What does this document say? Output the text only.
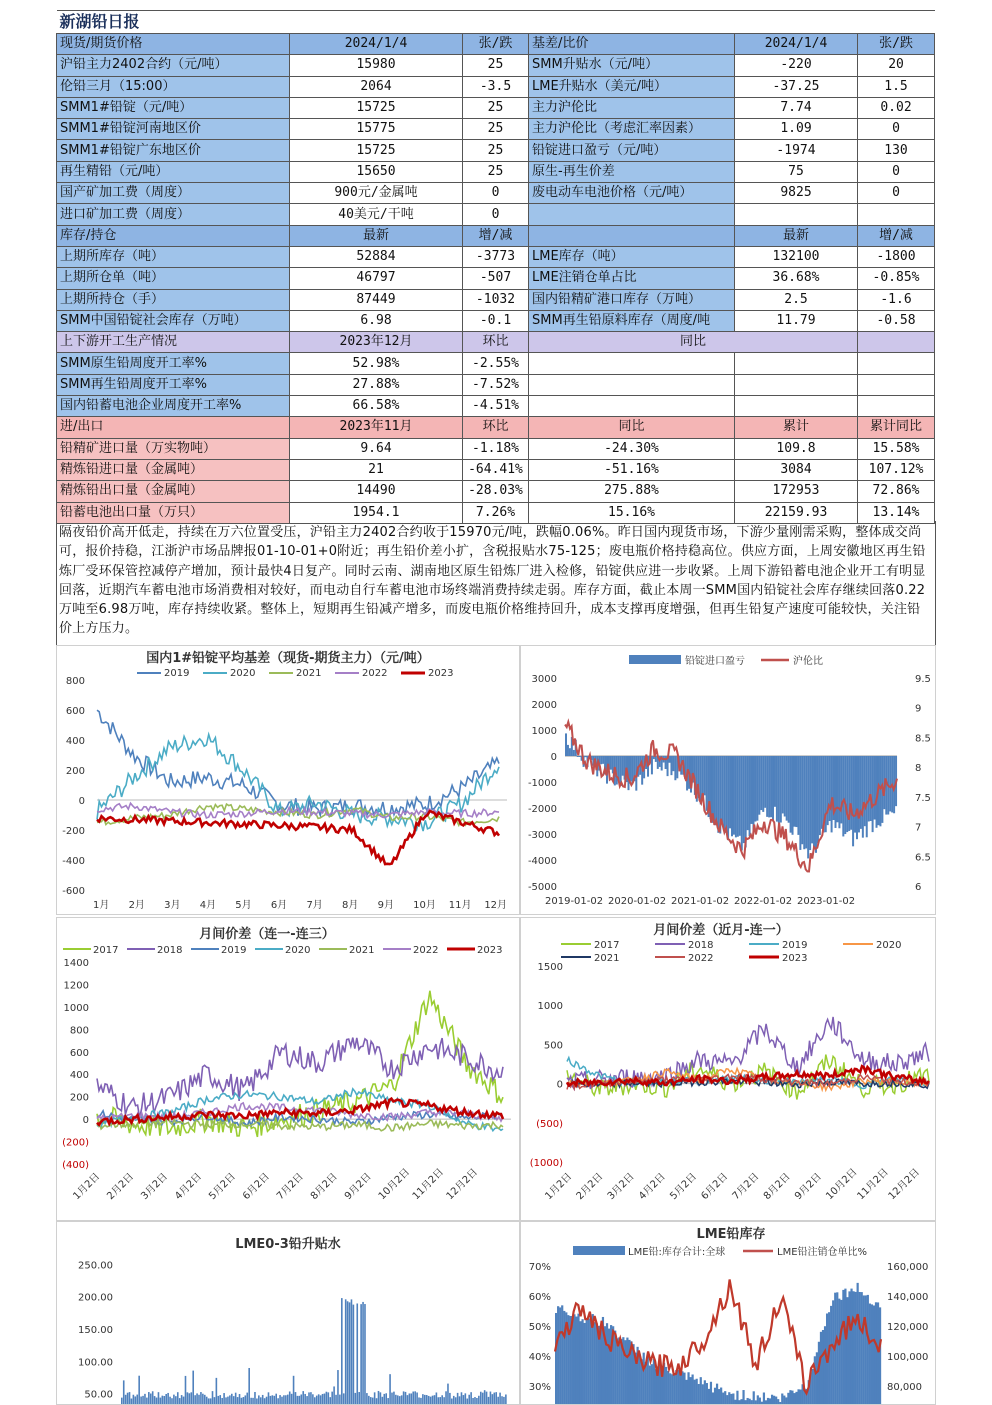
新湖铅日报					
现货/期货价格	2024/1/4	张/跌	基差/比价	2024/1/4	张/跌
沪铅主力2402合约（元/吨）	15980	25	SMM升贴水（元/吨）	-220	20
伦铅三月（15:00）	2064	-3.5	LME升贴水（美元/吨）	-37.25	1.5
SMM1#铅锭（元/吨）	15725	25	主力沪伦比	7.74	0.02
SMM1#铅锭河南地区价	15775	25	主力沪伦比（考虑汇率因素）	1.09	0
SMM1#铅锭广东地区价	15725	25	铅锭进口盈亏（元/吨）	-1974	130
再生精铅（元/吨）	15650	25	原生-再生价差	75	0
国产矿加工费（周度）	900元/金属吨	0	废电动车电池价格（元/吨）	9825	0
进口矿加工费（周度）	40美元/干吨	0			
库存/持仓	最新	增/减		最新	增/减
上期所库存（吨）	52884	-3773	LME库存（吨）	132100	-1800
上期所仓单（吨）	46797	-507	LME注销仓单占比	36.68%	-0.85%
上期所持仓（手）	87449	-1032	国内铅精矿港口库存（万吨）	2.5	-1.6
SMM中国铅锭社会库存（万吨）	6.98	-0.1	SMM再生铅原料库存（周度/吨	11.79	-0.58
上下游开工生产情况	2023年12月	环比	同比		
SMM原生铅周度开工率%	52.98%	-2.55%			
SMM再生铅周度开工率%	27.88%	-7.52%			
国内铅蓄电池企业周度开工率%	66.58%	-4.51%			
进/出口	2023年11月	环比	同比	累计	累计同比
铅精矿进口量（万实物吨）	9.64	-1.18%	-24.30%	109.8	15.58%
精炼铅进口量（金属吨）	21	-64.41%	-51.16%	3084	107.12%
精炼铅出口量（金属吨）	14490	-28.03%	275.88%	172953	72.86%
铅蓄电池出口量（万只）	1954.1	7.26%	15.16%	22159.93	13.14%
隔夜铅价高开低走，持续在万六位置受压，沪铅主力2402合约收于15970元/吨，跌幅0.06%。昨日国内现货市场，下游少量刚需采购，整体成交尚可，报价持稳，江浙沪市场品牌报01-10-01+0附近；再生铅价差小扩，含税报贴水75-125；废电瓶价格持稳高位。供应方面，上周安徽地区再生铅炼厂受环保管控减停产增加，预计最快4日复产。同时云南、湖南地区原生铅炼厂进入检修，铅锭供应进一步收紧。上周下游铅蓄电池企业开工有明显回落，近期汽车蓄电池市场消费相对较好，而电动自行车蓄电池市场终端消费持续走弱。库存方面，截止本周一SMM国内铅锭社会库存继续回落0.22万吨至6.98万吨，库存持续收紧。整体上，短期再生铅减产增多，而废电瓶价格维持回升，成本支撑再度增强，但再生铅复产速度可能较快，关注铅价上方压力。
国内1#铅锭平均基差（现货-期货主力）（元/吨）
2019	2020	2021	2022	2023
800
600
400
200
0
-200
-400
-600
1月 2月 3月 4月 5月 6月 7月 8月 9月 10月 11月 12月
铅锭进口盈亏	沪伦比
3000
2000
1000
0
-1000
-2000
-3000
-4000
-5000
9.5
9
8.5
8
7.5
7
6.5
6
2019-01-02 2020-01-02 2021-01-02 2022-01-02 2023-01-02
月间价差（连一-连三）
2017	2018	2019	2020	2021	2022	2023
1400
1200
1000
800
600
400
200
0
(200)
(400)
1月2日 2月2日 3月2日 4月2日 5月2日 6月2日 7月2日 8月2日 9月2日 10月2日
11月2日
12月2日
月间价差（近月-连一）
2017	2018	2019	2020
2021	2022	2023
1500
1000
500
0
(500)
(1000)
1月2日 2月2日 3月2日 4月2日 5月2日 6月2日 7月2日 8月2日 9月2日 10月2日
11月2日
12月2日
LME0-3铅升贴水
250.00
200.00
150.00
100.00
50.00
LME铅库存
LME铅:库存合计:全球	LME铅注销仓单比%
70%
60%
50%
40%
30%
160,000
140,000
120,000
100,000
80,000
